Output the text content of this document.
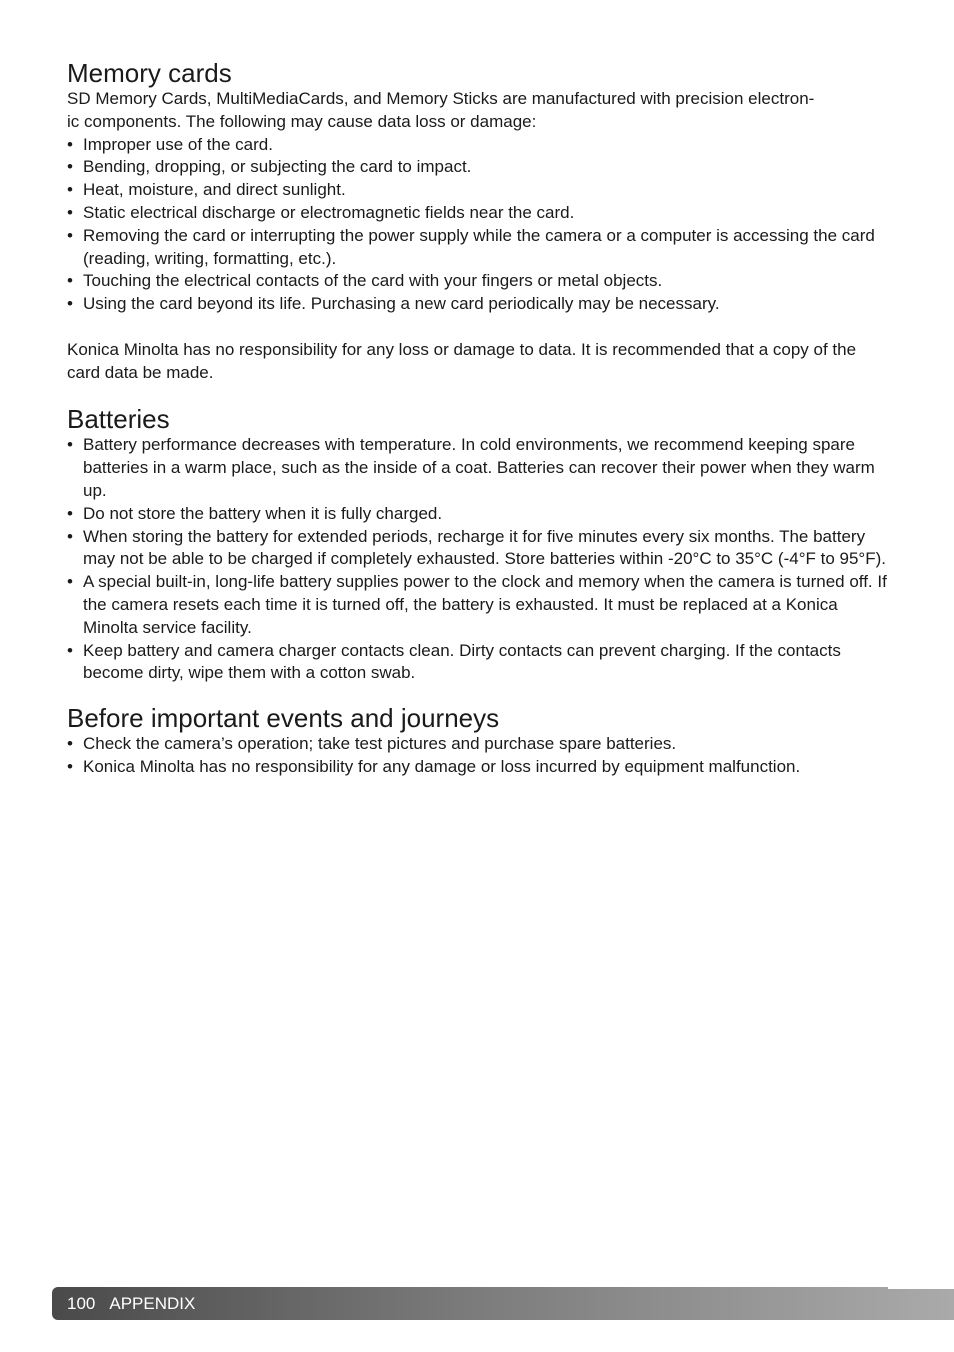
Memory cards

SD Memory Cards, MultiMediaCards, and Memory Sticks are manufactured with precision electron-
ic components. The following may cause data loss or damage:

• Improper use of the card.
• Bending, dropping, or subjecting the card to impact.
• Heat, moisture, and direct sunlight.
• Static electrical discharge or electromagnetic fields near the card.
• Removing the card or interrupting the power supply while the camera or a computer is accessing the card (reading, writing, formatting, etc.).
• Touching the electrical contacts of the card with your fingers or metal objects.
• Using the card beyond its life. Purchasing a new card periodically may be necessary.

Konica Minolta has no responsibility for any loss or damage to data. It is recommended that a copy of the card data be made.

Batteries
• Battery performance decreases with temperature. In cold environments, we recommend keeping spare batteries in a warm place, such as the inside of a coat. Batteries can recover their power when they warm up.
• Do not store the battery when it is fully charged.
• When storing the battery for extended periods, recharge it for five minutes every six months. The battery may not be able to be charged if completely exhausted. Store batteries within -20°C to 35°C (-4°F to 95°F).
• A special built-in, long-life battery supplies power to the clock and memory when the camera is turned off. If the camera resets each time it is turned off, the battery is exhausted. It must be replaced at a Konica Minolta service facility.
• Keep battery and camera charger contacts clean. Dirty contacts can prevent charging. If the contacts become dirty, wipe them with a cotton swab.
Before important events and journeys
• Check the camera’s operation; take test pictures and purchase spare batteries.
• Konica Minolta has no responsibility for any damage or loss incurred by equipment malfunction.
100 APPENDIX
